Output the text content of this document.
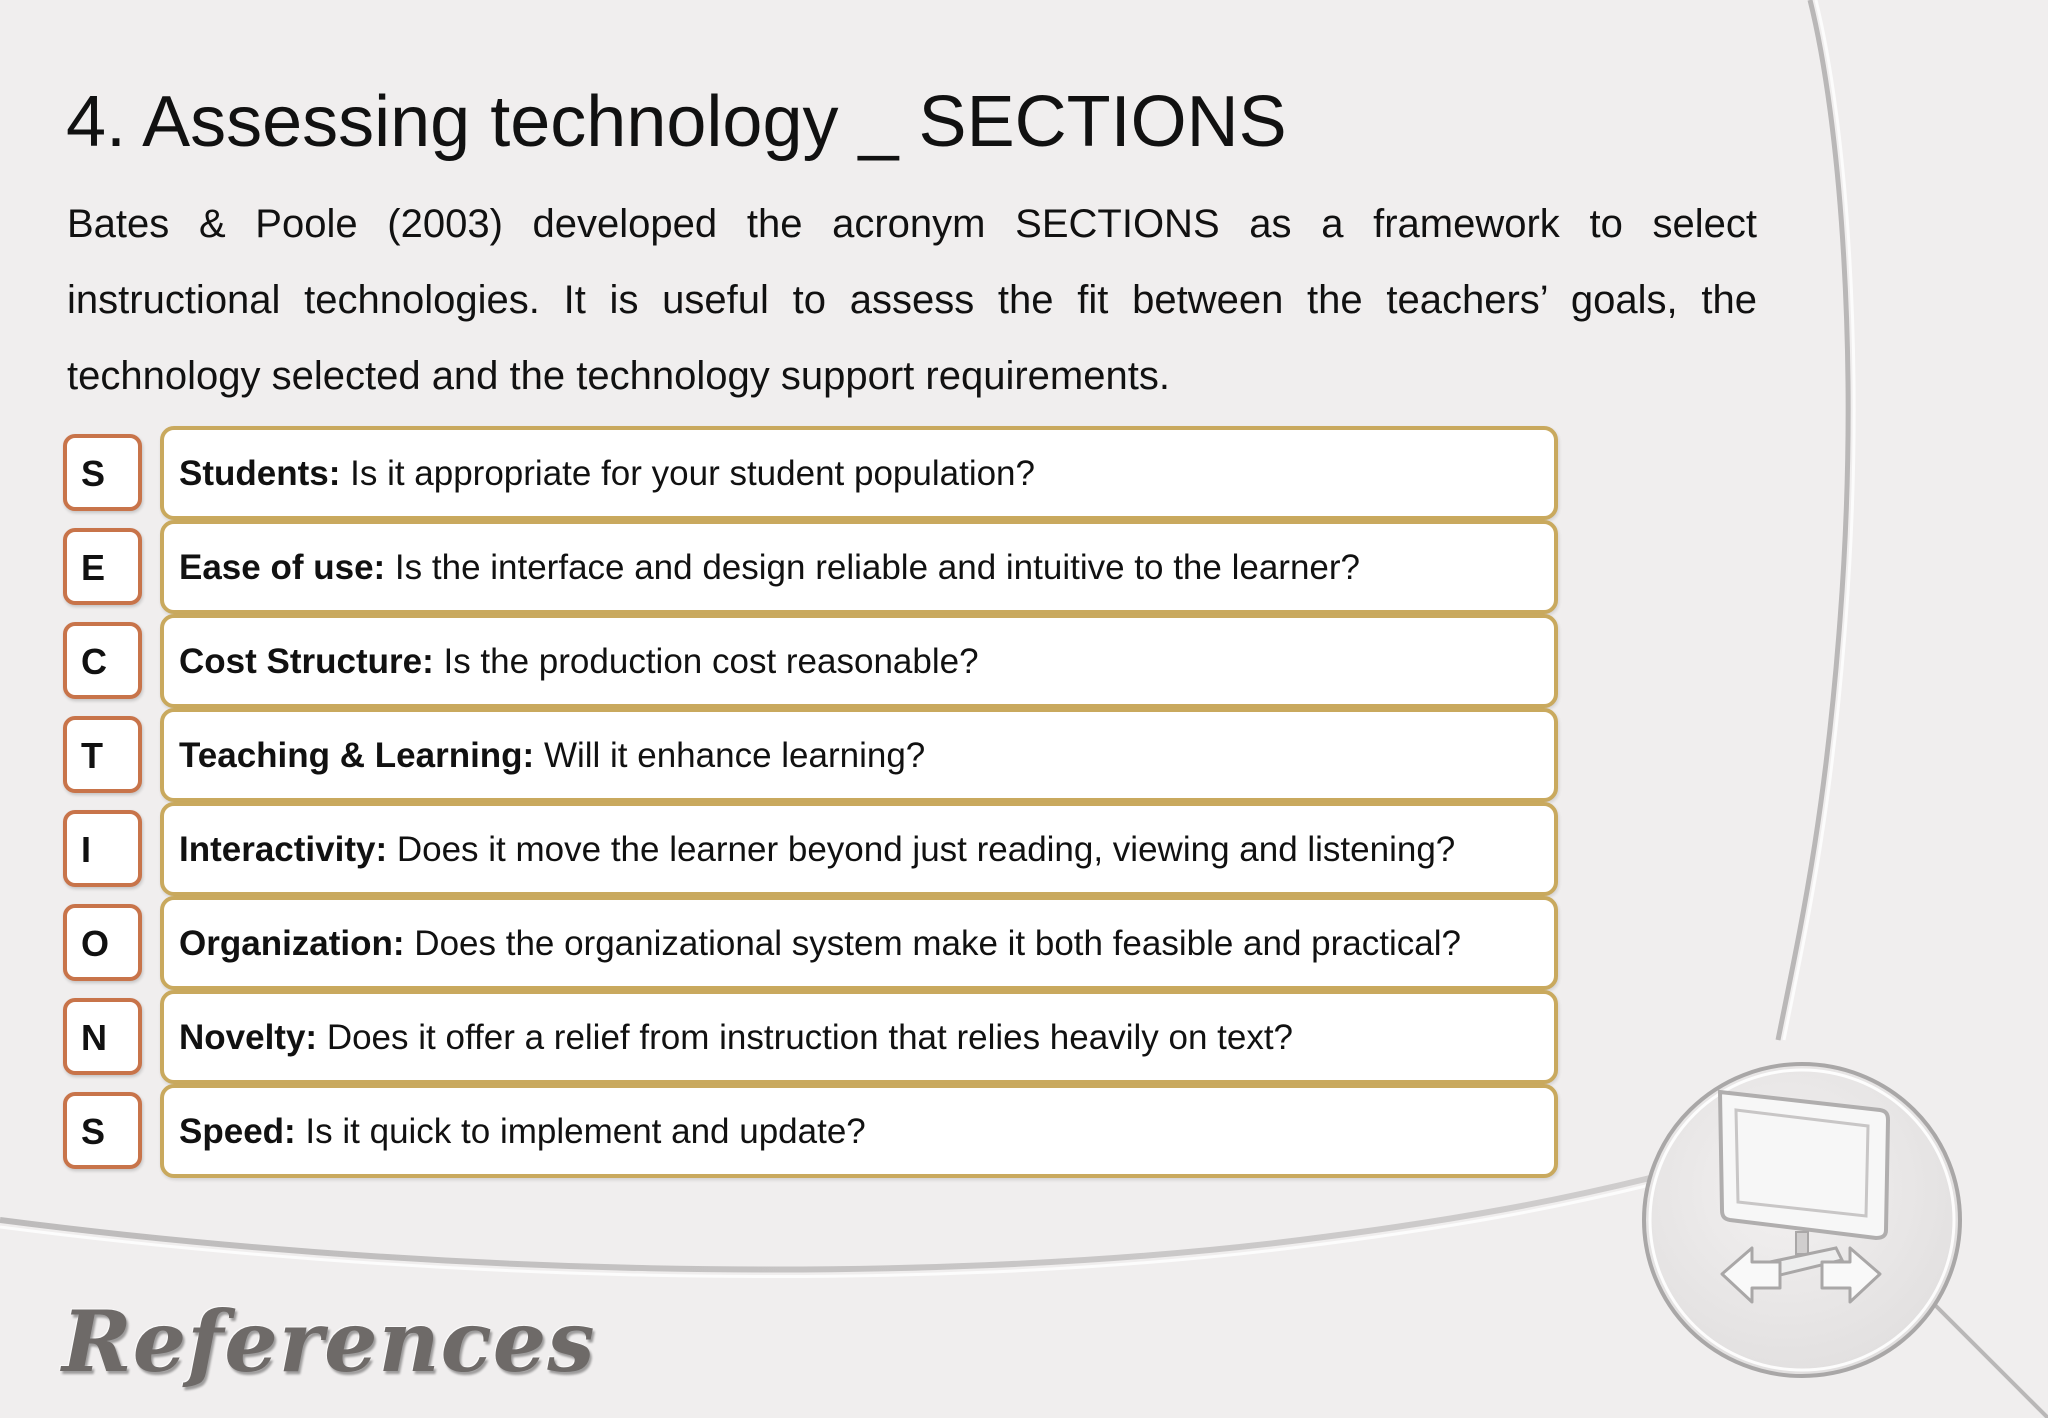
4. Assessing technology _ SECTIONS

Bates & Poole (2003) developed the acronym SECTIONS as a framework to select instructional technologies. It is useful to assess the fit between the teachers’ goals, the technology selected and the technology support requirements.

S Students: Is it appropriate for your student population?
E Ease of use: Is the interface and design reliable and intuitive to the learner?
C Cost Structure: Is the production cost reasonable?
T Teaching & Learning: Will it enhance learning?
I	Interactivity: Does it move the learner beyond just reading, viewing and listening?
O Organization: Does the organizational system make it both feasible and practical?
N Novelty: Does it offer a relief from instruction that relies heavily on text?
S Speed: Is it quick to implement and update?
References
